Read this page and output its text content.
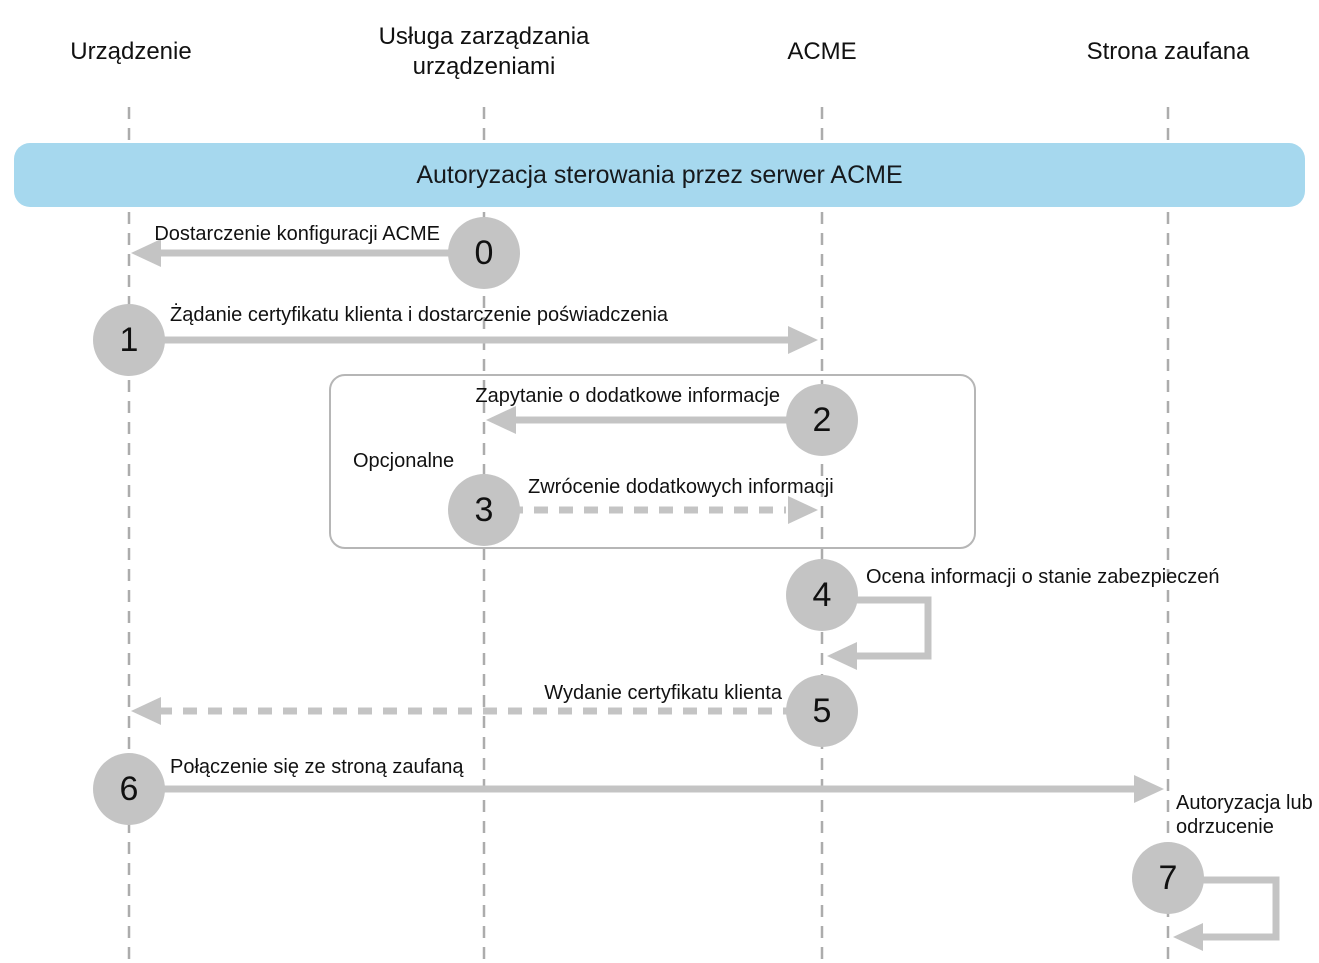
Urządzenie
Usługa zarządzania urządzeniami
ACME	Strona zaufana
Autoryzacja sterowania przez serwer ACME
Opcjonalne
Dostarczenie konfiguracji ACME
Żądanie certyfikatu klienta i dostarczenie poświadczenia
Zapytanie o dodatkowe informacje
Zwrócenie dodatkowych informacji
Ocena informacji o stanie zabezpieczeń
Wydanie certyfikatu klienta
Połączenie się ze stroną zaufaną
Autoryzacja lub odrzucenie
0
1
2
3
4
5
6
7
